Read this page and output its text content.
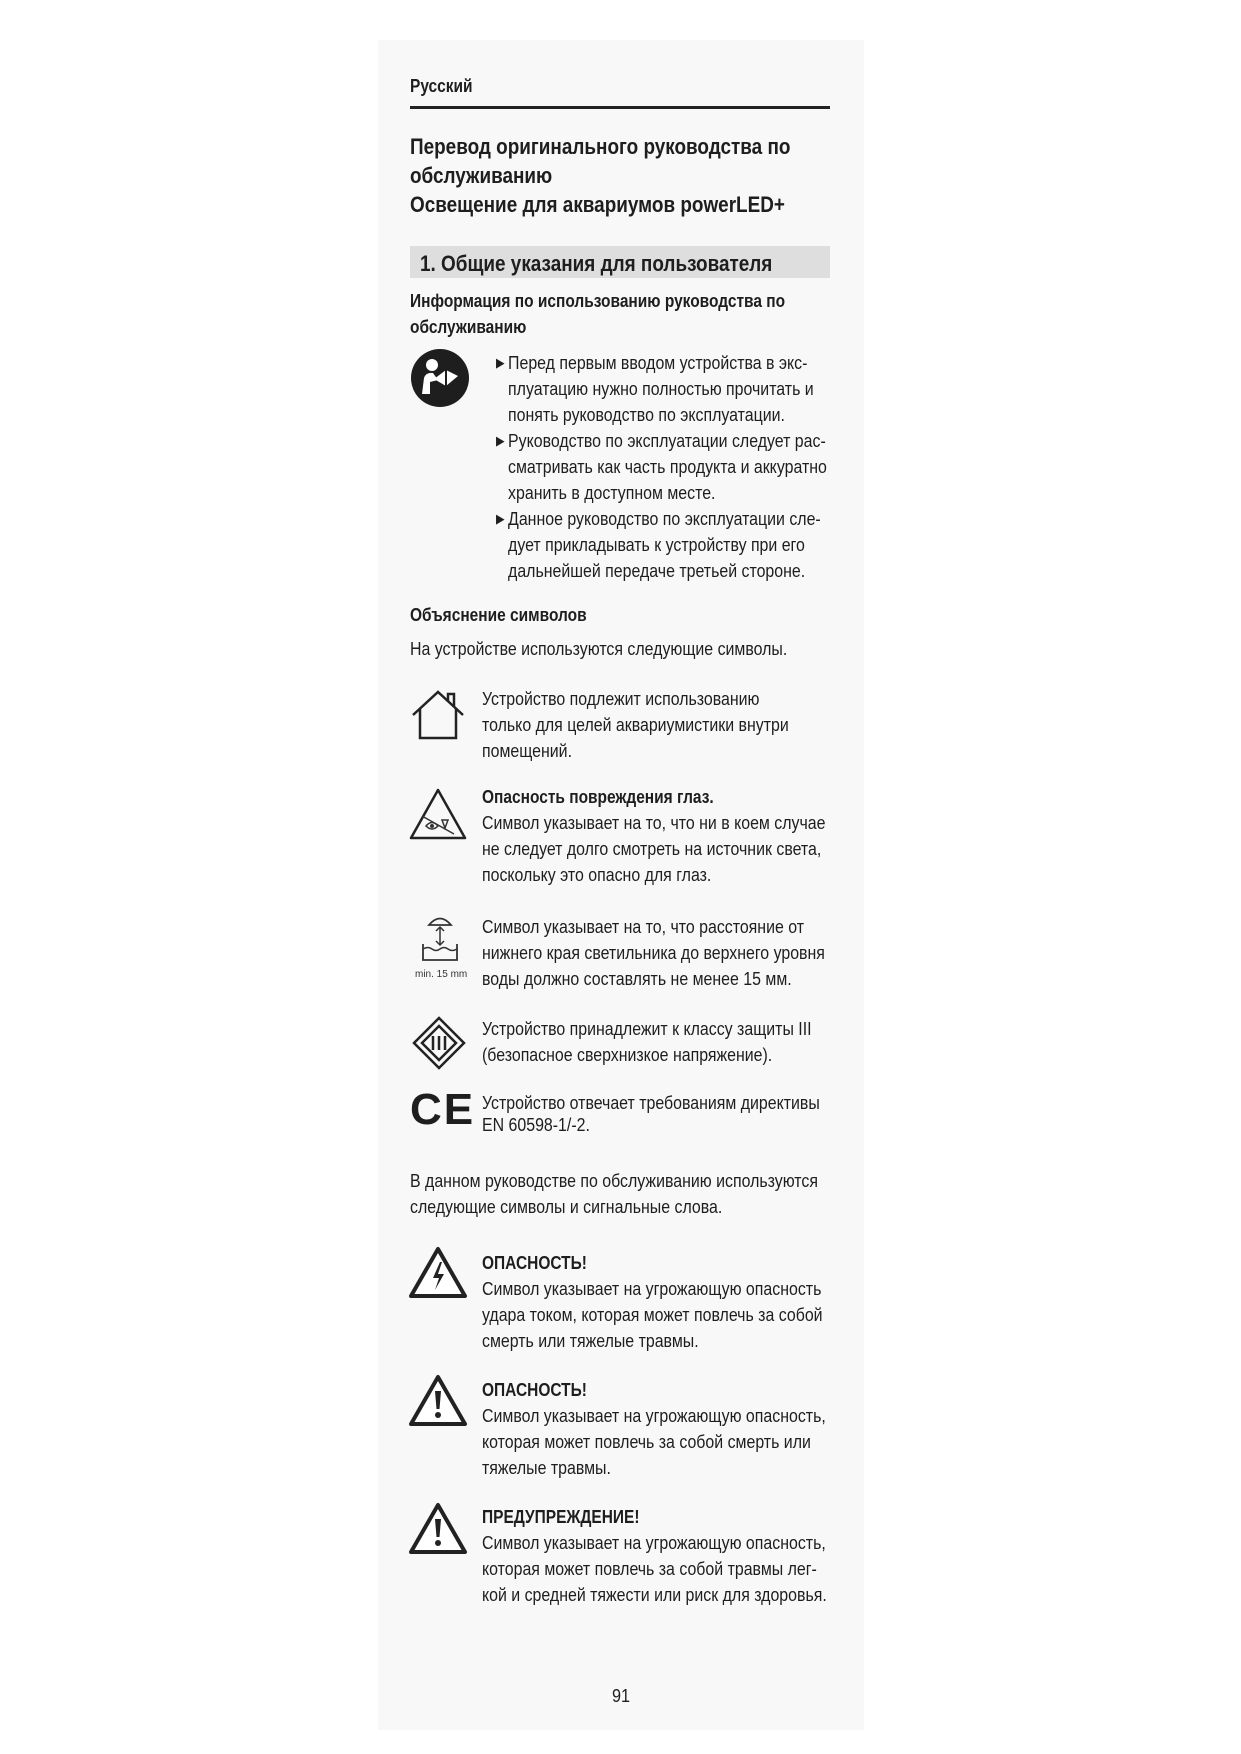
Русский
Перевод оригинального руководства по
обслуживанию
Освещение для аквариумов powerLED+
1. Общие указания для пользователя
Информация по использованию руководства по
обслуживанию
▶ Перед первым вводом устройства в экс-
плуатацию нужно полностью прочитать и
понять руководство по эксплуатации.
▶ Руководство по эксплуатации следует рас-
сматривать как часть продукта и аккуратно
хранить в доступном месте.
▶ Данное руководство по эксплуатации сле-
дует прикладывать к устройству при его
дальнейшей передаче третьей стороне.
Объяснение символов
На устройстве используются следующие символы.
Устройство подлежит использованию
только для целей аквариумистики внутри
помещений.
Опасность повреждения глаз.
Символ указывает на то, что ни в коем случае
не следует долго смотреть на источник света,
поскольку это опасно для глаз.
min. 15 mm
Символ указывает на то, что расстояние от
нижнего края светильника до верхнего уровня
воды должно составлять не менее 15 мм.
Устройство принадлежит к классу защиты III
(безопасное сверхнизкое напряжение).
CE Устройство отвечает требованиям директивы
EN 60598-1/-2.
В данном руководстве по обслуживанию используются
следующие символы и сигнальные слова.
ОПАСНОСТЬ!
Символ указывает на угрожающую опасность
удара током, которая может повлечь за собой
смерть или тяжелые травмы.
ОПАСНОСТЬ!
Символ указывает на угрожающую опасность,
которая может повлечь за собой смерть или
тяжелые травмы.
ПРЕДУПРЕЖДЕНИЕ!
Символ указывает на угрожающую опасность,
которая может повлечь за собой травмы лег-
кой и средней тяжести или риск для здоровья.
91
